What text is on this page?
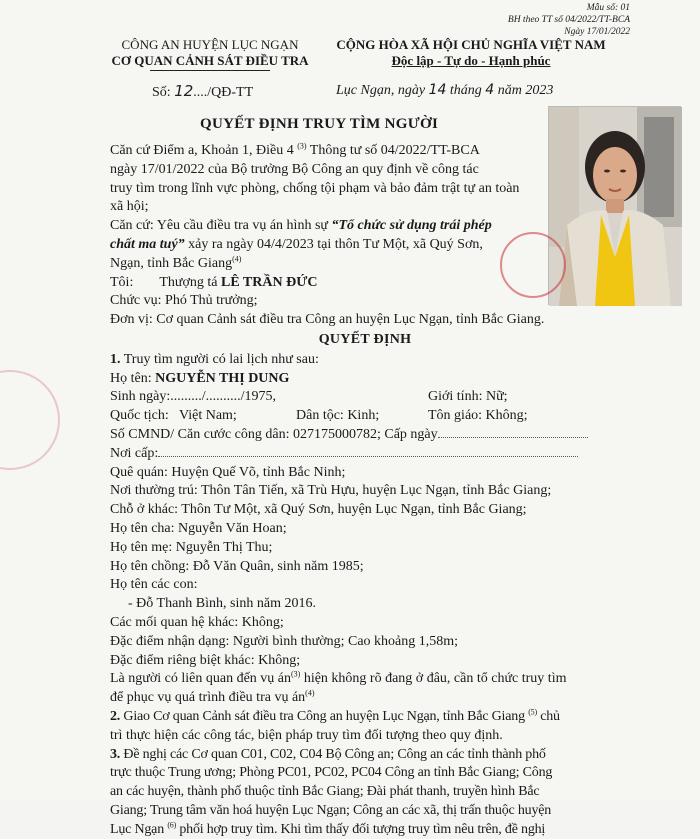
Mẫu số: 01
BH theo TT số 04/2022/TT-BCA
Ngày 17/01/2022
CÔNG AN HUYỆN LỤC NGẠN
CƠ QUAN CẢNH SÁT ĐIỀU TRA
CỘNG HÒA XÃ HỘI CHỦ NGHĨA VIỆT NAM
Độc lập - Tự do - Hạnh phúc
Số: 12..../QĐ-TT	Lục Ngạn, ngày 14 tháng 4 năm 2023
QUYẾT ĐỊNH TRUY TÌM NGƯỜI

Căn cứ Điểm a, Khoản 1, Điều 4 $^{(3)}$ Thông tư số 04/2022/TT-BCA

ngày 17/01/2022 của Bộ trưởng Bộ Công an quy định về công tác

truy tìm trong lĩnh vực phòng, chống tội phạm và bảo đảm trật tự an toàn

xã hội;

Căn cứ: Yêu cầu điều tra vụ án hình sự “Tổ chức sử dụng trái phép

chất ma tuý” xảy ra ngày 04/4/2023 tại thôn Tư Một, xã Quý Sơn,

Ngạn, tỉnh Bắc Giang$^{(4)}$

Tôi: Thượng tá LÊ TRẦN ĐỨC

Chức vụ: Phó Thủ trưởng;

Đơn vị: Cơ quan Cảnh sát điều tra Công an huyện Lục Ngạn, tỉnh Bắc Giang.

QUYẾT ĐỊNH

1. Truy tìm người có lai lịch như sau:

Họ tên: NGUYỄN THỊ DUNG

Sinh ngày:........./........../1975,	Giới tính: Nữ;
Quốc tịch:   Việt Nam;	Dân tộc: Kinh;	Tôn giáo: Không;

Số CMND/ Căn cước công dân: 027175000782; Cấp ngày

Nơi cấp:

Quê quán: Huyện Quế Võ, tỉnh Bắc Ninh;

Nơi thường trú: Thôn Tân Tiến, xã Trù Hựu, huyện Lục Ngạn, tỉnh Bắc Giang;

Chỗ ở khác: Thôn Tư Một, xã Quý Sơn, huyện Lục Ngạn, tỉnh Bắc Giang;

Họ tên cha: Nguyễn Văn Hoan;

Họ tên mẹ: Nguyễn Thị Thu;

Họ tên chồng: Đỗ Văn Quân, sinh năm 1985;

Họ tên các con:

- Đỗ Thanh Bình, sinh năm 2016.

Các mối quan hệ khác: Không;

Đặc điểm nhận dạng: Người bình thường; Cao khoảng 1,58m;

Đặc điểm riêng biệt khác: Không;

Là người có liên quan đến vụ $án^{(3)}$ hiện không rõ đang ở đâu, cần tổ chức truy tìm

để phục vụ quá trình điều tra vụ $án^{(4)}$

2. Giao Cơ quan Cảnh sát điều tra Công an huyện Lục Ngạn, tỉnh Bắc Giang $^{(5)}$ chủ

trì thực hiện các công tác, biện pháp truy tìm đối tượng theo quy định.

3. Đề nghị các Cơ quan C01, C02, C04 Bộ Công an; Công an các tỉnh thành phố

trực thuộc Trung ương; Phòng PC01, PC02, PC04 Công an tỉnh Bắc Giang; Công

an các huyện, thành phố thuộc tỉnh Bắc Giang; Đài phát thanh, truyền hình Bắc

Giang; Trung tâm văn hoá huyện Lục Ngạn; Công an các xã, thị trấn thuộc huyện

Lục Ngạn $^{(6)}$ phối hợp truy tìm. Khi tìm thấy đối tượng truy tìm nêu trên, đề nghị
